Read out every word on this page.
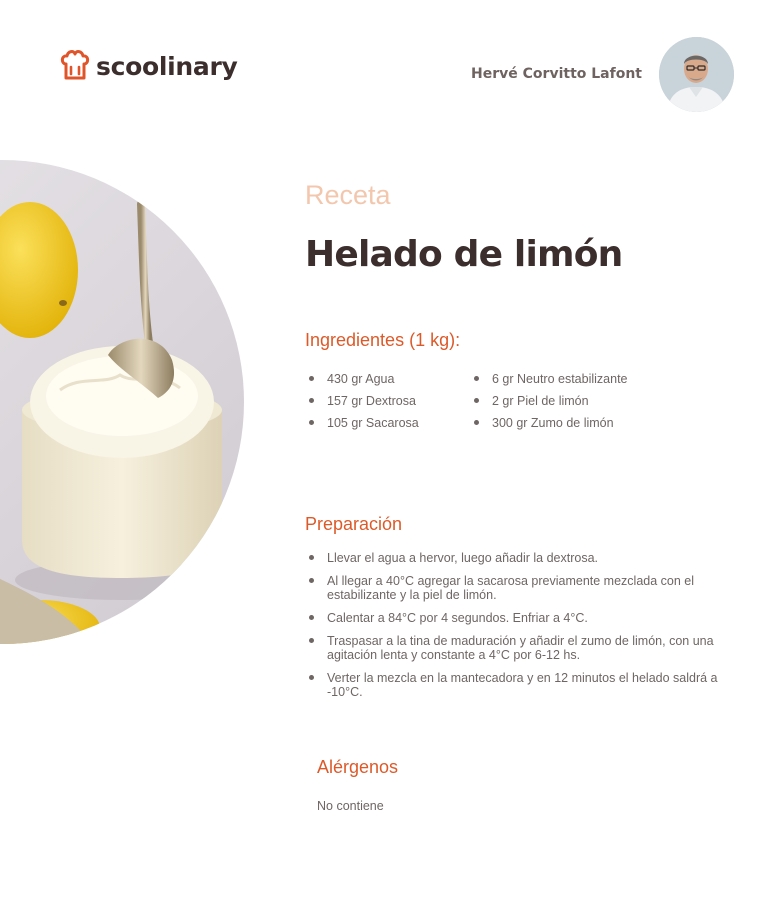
scoolinary	Hervé Corvitto Lafont
Receta
Helado de limón
Ingredientes (1 kg):
430 gr Agua
157 gr Dextrosa
105 gr Sacarosa
6 gr Neutro estabilizante
2 gr Piel de limón
300 gr Zumo de limón
Preparación
Llevar el agua a hervor, luego añadir la dextrosa.
Al llegar a 40°C agregar la sacarosa previamente mezclada con el estabilizante y la piel de limón.
Calentar a 84°C por 4 segundos. Enfriar a 4°C.
Traspasar a la tina de maduración y añadir el zumo de limón, con una agitación lenta y constante a 4°C por 6-12 hs.
Verter la mezcla en la mantecadora y en 12 minutos el helado saldrá a -10°C.
Alérgenos
No contiene
